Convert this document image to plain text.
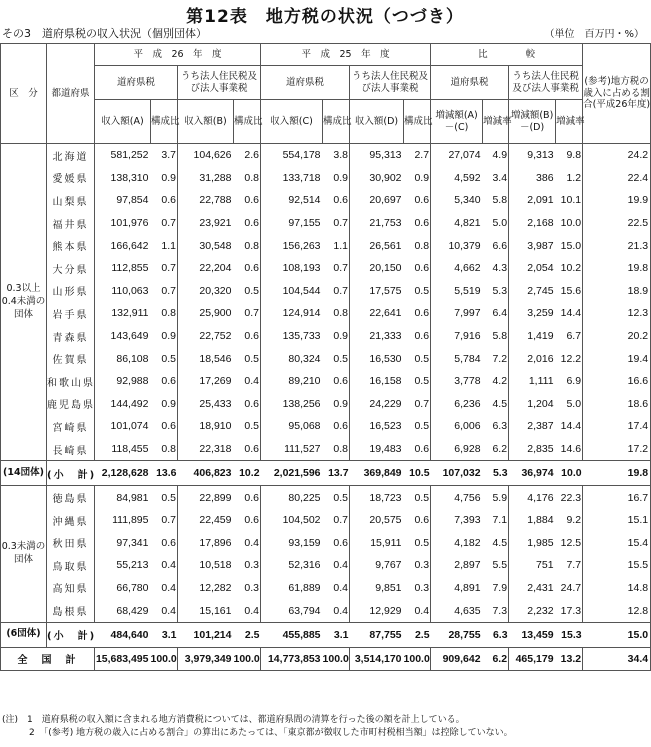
第12表　地方税の状況（つづき）
その3　道府県税の収入状況（個別団体）	（単位　百万円・%）
区　分	都道府県	平　成　26　年　度				平　成　25　年　度				比　　　　較				(参考)地方税の歳入に占める割合(平成26年度)
		道府県税		うち法人住民税及び法人事業税		道府県税		うち法人住民税及び法人事業税		道府県税		うち法人住民税及び法人事業税		
		収入額(A)	構成比	収入額(B)	構成比	収入額(C)	構成比	収入額(D)	構成比	増減額(A)－(C)	増減率	増減額(B)－(D)	増減率	
0.3以上0.4未満の団体	北海道	581,252	3.7	104,626	2.6	554,178	3.8	95,313	2.7	27,074	4.9	9,313	9.8	24.2
	愛媛県	138,310	0.9	31,288	0.8	133,718	0.9	30,902	0.9	4,592	3.4	386	1.2	22.4
	山梨県	97,854	0.6	22,788	0.6	92,514	0.6	20,697	0.6	5,340	5.8	2,091	10.1	19.9
	福井県	101,976	0.7	23,921	0.6	97,155	0.7	21,753	0.6	4,821	5.0	2,168	10.0	22.5
	熊本県	166,642	1.1	30,548	0.8	156,263	1.1	26,561	0.8	10,379	6.6	3,987	15.0	21.3
	大分県	112,855	0.7	22,204	0.6	108,193	0.7	20,150	0.6	4,662	4.3	2,054	10.2	19.8
	山形県	110,063	0.7	20,320	0.5	104,544	0.7	17,575	0.5	5,519	5.3	2,745	15.6	18.9
	岩手県	132,911	0.8	25,900	0.7	124,914	0.8	22,641	0.6	7,997	6.4	3,259	14.4	12.3
	青森県	143,649	0.9	22,752	0.6	135,733	0.9	21,333	0.6	7,916	5.8	1,419	6.7	20.2
	佐賀県	86,108	0.5	18,546	0.5	80,324	0.5	16,530	0.5	5,784	7.2	2,016	12.2	19.4
	和歌山県	92,988	0.6	17,269	0.4	89,210	0.6	16,158	0.5	3,778	4.2	1,111	6.9	16.6
	鹿児島県	144,492	0.9	25,433	0.6	138,256	0.9	24,229	0.7	6,236	4.5	1,204	5.0	18.6
	宮崎県	101,074	0.6	18,910	0.5	95,068	0.6	16,523	0.5	6,006	6.3	2,387	14.4	17.4
	長崎県	118,455	0.8	22,318	0.6	111,527	0.8	19,483	0.6	6,928	6.2	2,835	14.6	17.2
(14団体)	(小　計)	2,128,628	13.6	406,823	10.2	2,021,596	13.7	369,849	10.5	107,032	5.3	36,974	10.0	19.8
0.3未満の団体	徳島県	84,981	0.5	22,899	0.6	80,225	0.5	18,723	0.5	4,756	5.9	4,176	22.3	16.7
	沖縄県	111,895	0.7	22,459	0.6	104,502	0.7	20,575	0.6	7,393	7.1	1,884	9.2	15.1
	秋田県	97,341	0.6	17,896	0.4	93,159	0.6	15,911	0.5	4,182	4.5	1,985	12.5	15.4
	鳥取県	55,213	0.4	10,518	0.3	52,316	0.4	9,767	0.3	2,897	5.5	751	7.7	15.5
	高知県	66,780	0.4	12,282	0.3	61,889	0.4	9,851	0.3	4,891	7.9	2,431	24.7	14.8
	島根県	68,429	0.4	15,161	0.4	63,794	0.4	12,929	0.4	4,635	7.3	2,232	17.3	12.8
(6団体)	(小　計)	484,640	3.1	101,214	2.5	455,885	3.1	87,755	2.5	28,755	6.3	13,459	15.3	15.0
全　国　計		15,683,495	100.0	3,979,349	100.0	14,773,853	100.0	3,514,170	100.0	909,642	6.2	465,179	13.2	34.4
(注)　1　道府県税の収入額に含まれる地方消費税については、都道府県間の清算を行った後の額を計上している。
　　　2　「(参考) 地方税の歳入に占める割合」の算出にあたっては、「東京都が徴収した市町村税相当額」は控除していない。
